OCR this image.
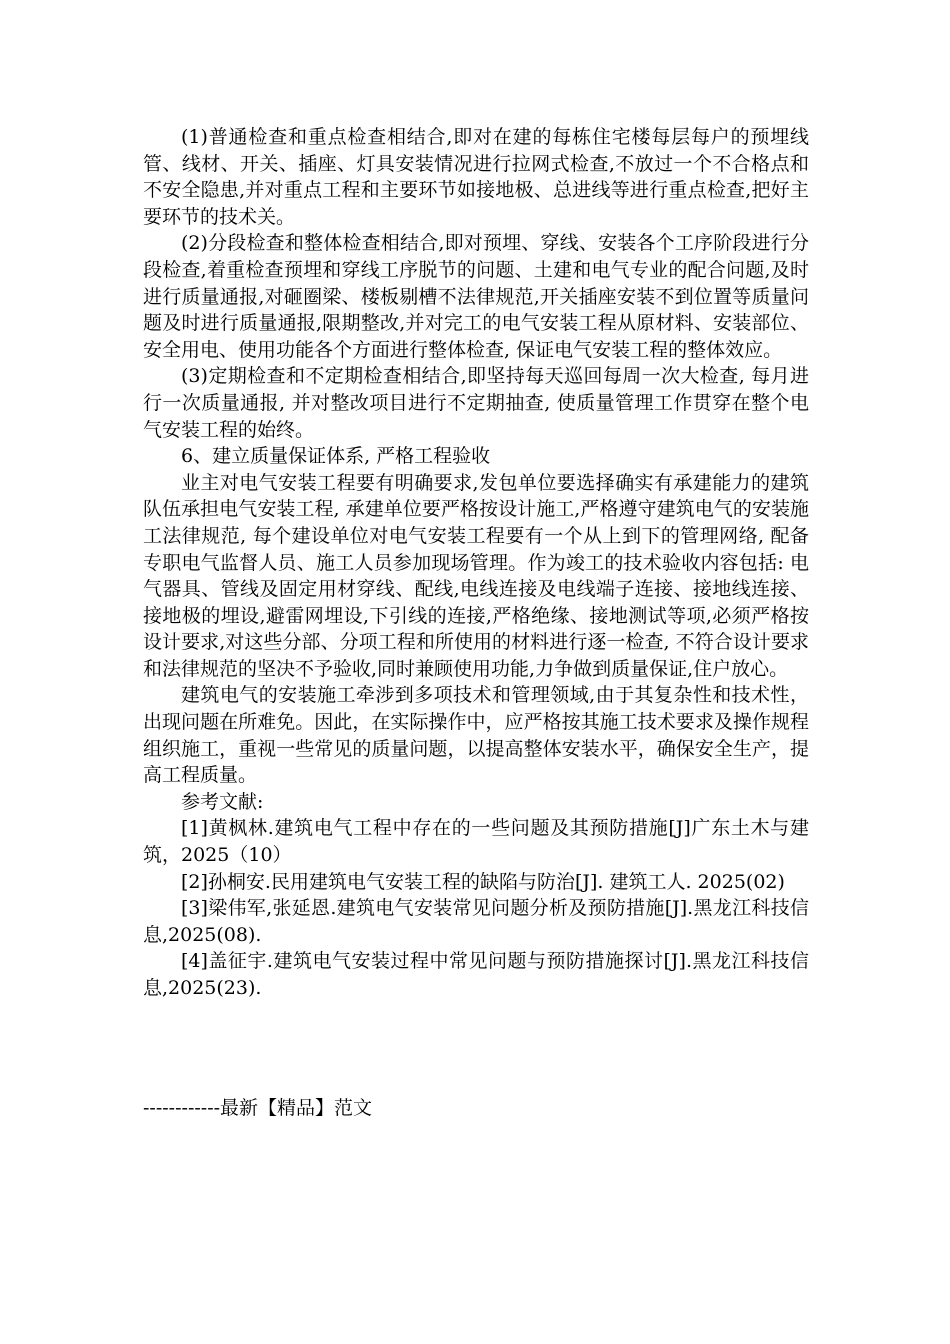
(1)普通检查和重点检查相结合,即对在建的每栋住宅楼每层每户的预埋线管、线材、开关、插座、灯具安装情况进行拉网式检查,不放过一个不合格点和不安全隐患,并对重点工程和主要环节如接地极、总进线等进行重点检查,把好主要环节的技术关。

(2)分段检查和整体检查相结合,即对预埋、穿线、安装各个工序阶段进行分段检查,着重检查预埋和穿线工序脱节的问题、土建和电气专业的配合问题,及时进行质量通报,对砸圈梁、楼板剔槽不法律规范,开关插座安装不到位置等质量问题及时进行质量通报,限期整改,并对完工的电气安装工程从原材料、安装部位、安全用电、使用功能各个方面进行整体检查, 保证电气安装工程的整体效应。

(3)定期检查和不定期检查相结合,即坚持每天巡回每周一次大检查, 每月进行一次质量通报, 并对整改项目进行不定期抽查, 使质量管理工作贯穿在整个电气安装工程的始终。

6、建立质量保证体系, 严格工程验收

业主对电气安装工程要有明确要求,发包单位要选择确实有承建能力的建筑队伍承担电气安装工程, 承建单位要严格按设计施工,严格遵守建筑电气的安装施工法律规范, 每个建设单位对电气安装工程要有一个从上到下的管理网络, 配备专职电气监督人员、施工人员参加现场管理。作为竣工的技术验收内容包括: 电气器具、管线及固定用材穿线、配线,电线连接及电线端子连接、接地线连接、接地极的埋设,避雷网埋设,下引线的连接,严格绝缘、接地测试等项,必须严格按设计要求,对这些分部、分项工程和所使用的材料进行逐一检查, 不符合设计要求和法律规范的坚决不予验收,同时兼顾使用功能,力争做到质量保证,住户放心。

建筑电气的安装施工牵涉到多项技术和管理领域,由于其复杂性和技术性，出现问题在所难免。因此，在实际操作中，应严格按其施工技术要求及操作规程组织施工，重视一些常见的质量问题，以提高整体安装水平，确保安全生产，提高工程质量。

参考文献:

[1]黄枫林.建筑电气工程中存在的一些问题及其预防措施[J]广东土木与建筑，2025（10）

[2]孙桐安.民用建筑电气安装工程的缺陷与防治[J]. 建筑工人. 2025(02)

[3]梁伟军,张延恩.建筑电气安装常见问题分析及预防措施[J].黑龙江科技信息,2025(08).

[4]盖征宇.建筑电气安装过程中常见问题与预防措施探讨[J].黑龙江科技信息,2025(23).

------------最新【精品】范文
